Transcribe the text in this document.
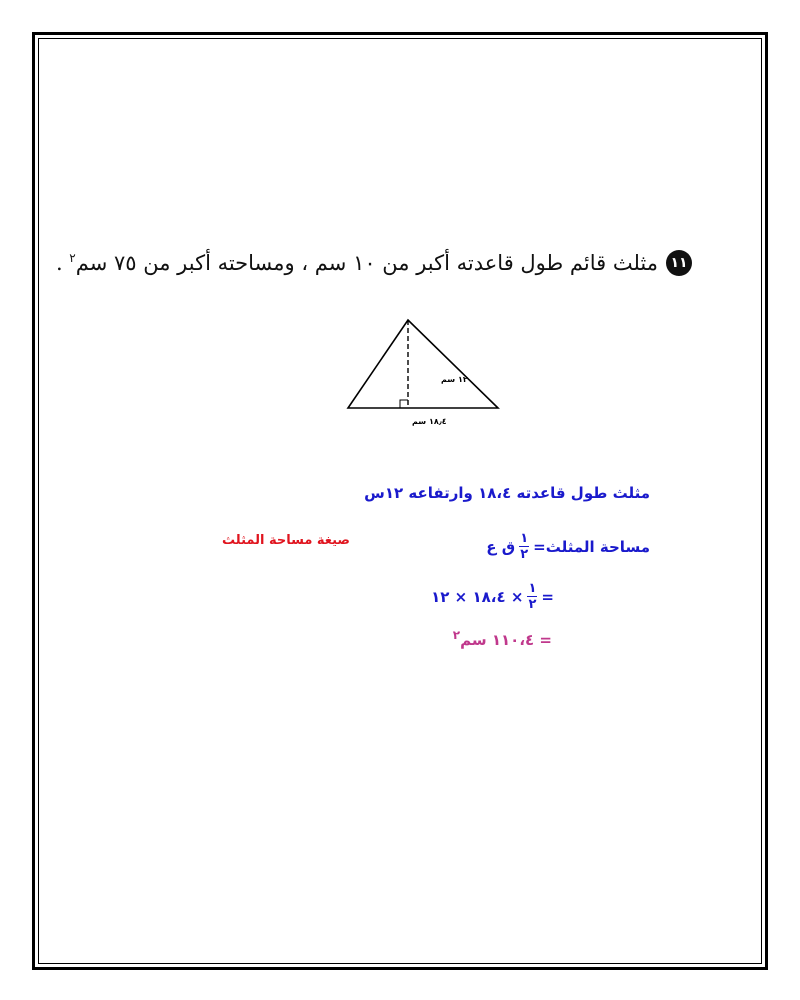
١١
مثلث قائم طول قاعدته أكبر من ١٠ سم ، ومساحته أكبر من ٧٥ سم$^٢$ .
١٢ سم
١٨٫٤ سم
مثلث طول قاعدته ١٨،٤ وارتفاعه ١٢س
مساحة المثلث=
$\frac{١}{٢}$
ق ع
صيغة مساحة المثلث
=
$\frac{١}{٢}$
× ١٨،٤ × ١٢
= ١١٠،٤ سم$^٢$
